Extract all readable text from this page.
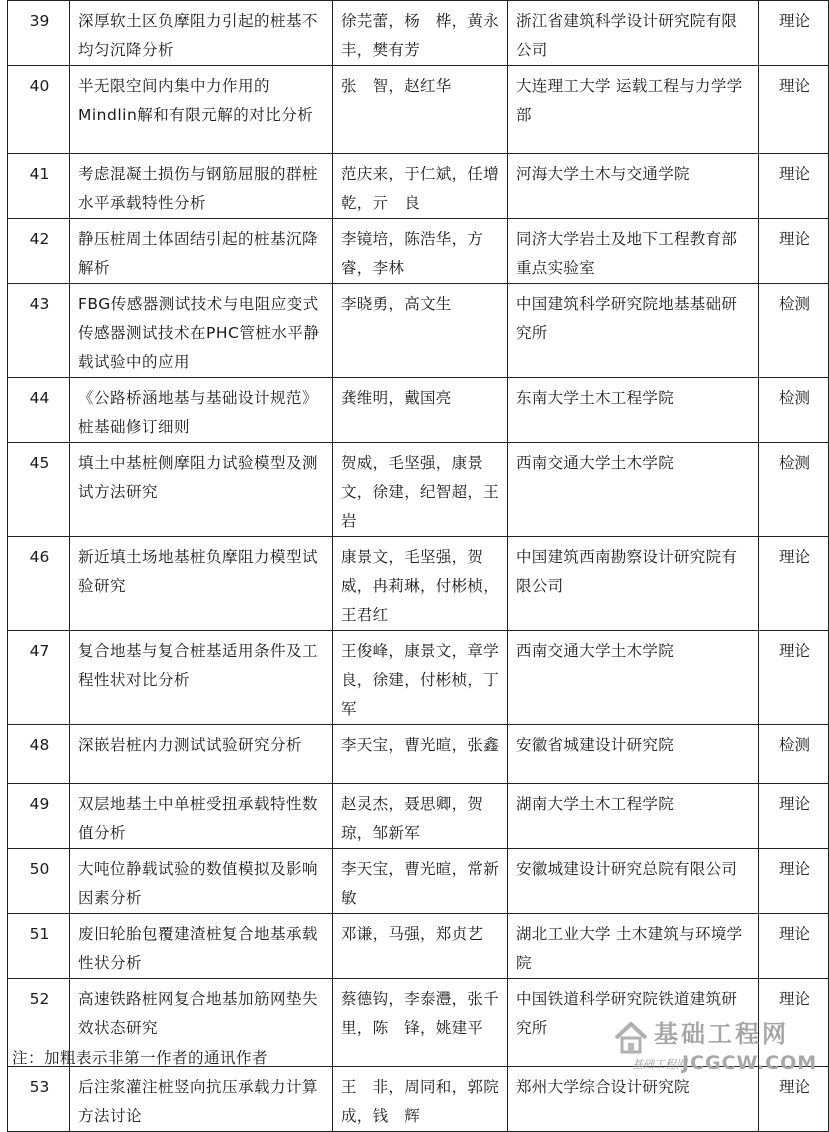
39	深厚软土区负摩阻力引起的桩基不均匀沉降分析	徐芫蕾，杨　桦，黄永丰，樊有芳	浙江省建筑科学设计研究院有限公司	理论
40	半无限空间内集中力作用的Mindlin解和有限元解的对比分析	张　智，赵红华	大连理工大学 运载工程与力学学部	理论
41	考虑混凝土损伤与钢筋屈服的群桩水平承载特性分析	范庆来，于仁斌，任增乾，亓　良	河海大学土木与交通学院	理论
42	静压桩周土体固结引起的桩基沉降解析	李镜培，陈浩华，方睿，李林	同济大学岩土及地下工程教育部重点实验室	理论
43	FBG传感器测试技术与电阻应变式传感器测试技术在PHC管桩水平静载试验中的应用	李晓勇，高文生	中国建筑科学研究院地基基础研究所	检测
44	《公路桥涵地基与基础设计规范》桩基础修订细则	龚维明，戴国亮	东南大学土木工程学院	检测
45	填土中基桩侧摩阻力试验模型及测试方法研究	贺威，毛坚强，康景文，徐建，纪智超，王岩	西南交通大学土木学院	检测
46	新近填土场地基桩负摩阻力模型试验研究	康景文，毛坚强，贺威，冉莉琳，付彬桢，王君红	中国建筑西南勘察设计研究院有限公司	理论
47	复合地基与复合桩基适用条件及工程性状对比分析	王俊峰，康景文，章学良，徐建，付彬桢，丁军	西南交通大学土木学院	理论
48	深嵌岩桩内力测试试验研究分析	李天宝，曹光暄，张鑫	安徽省城建设计研究院	检测
49	双层地基土中单桩受扭承载特性数值分析	赵灵杰，聂思卿，贺琼，邹新军	湖南大学土木工程学院	理论
50	大吨位静载试验的数值模拟及影响因素分析	李天宝，曹光暄，常新敏	安徽城建设计研究总院有限公司	理论
51	废旧轮胎包覆建渣桩复合地基承载性状分析	邓谦，马强，郑贞艺	湖北工业大学 土木建筑与环境学院	理论
52	高速铁路桩网复合地基加筋网垫失效状态研究	蔡德钩，李泰灃，张千里，陈　锋，姚建平	中国铁道科学研究院铁道建筑研究所	理论
53	后注浆灌注桩竖向抗压承载力计算方法讨论	王　非，周同和，郭院成，钱　辉	郑州大学综合设计研究院	理论
基础工程网
基础工程网
JCGCW.COM
注：加粗表示非第一作者的通讯作者
